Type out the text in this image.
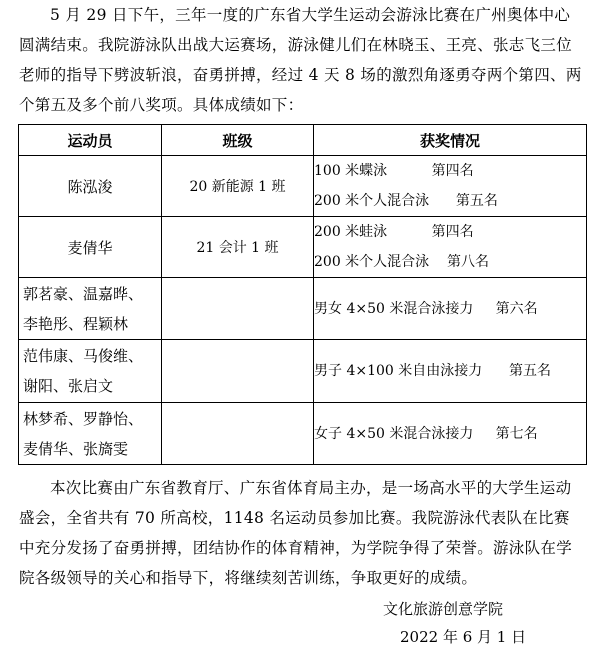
5 月 29 日下午，三年一度的广东省大学生运动会游泳比赛在广州奥体中心圆满结束。我院游泳队出战大运赛场，游泳健儿们在林晓玉、王亮、张志飞三位老师的指导下劈波斩浪，奋勇拼搏，经过 4 天 8 场的激烈角逐勇夺两个第四、两个第五及多个前八奖项。具体成绩如下：

运动员	班级	获奖情况

陈泓浚	20 新能源 1 班	100 米蝶泳          第四名
200 米个人混合泳      第五名

麦倩华	21 会计 1 班	200 米蛙泳          第四名
200 米个人混合泳    第八名

郭茗豪、温嘉晔、
李艳彤、程颖林		男女 4×50 米混合泳接力     第六名

范伟康、马俊维、
谢阳、张启文		男子 4×100 米自由泳接力      第五名

林梦希、罗静怡、
麦倩华、张旖雯		女子 4×50 米混合泳接力     第七名

本次比赛由广东省教育厅、广东省体育局主办，是一场高水平的大学生运动盛会，全省共有 70 所高校，1148 名运动员参加比赛。我院游泳代表队在比赛中充分发扬了奋勇拼搏，团结协作的体育精神，为学院争得了荣誉。游泳队在学院各级领导的关心和指导下，将继续刻苦训练，争取更好的成绩。

文化旅游创意学院
2022 年 6 月 1 日
